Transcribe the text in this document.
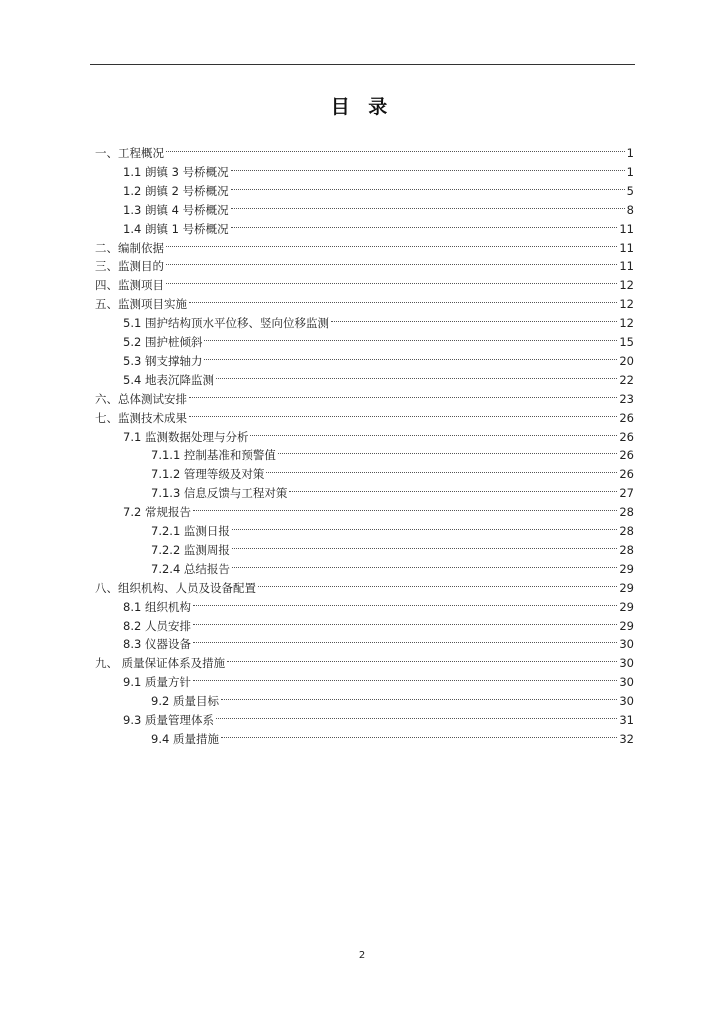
目 录
一、工程概况	1
1.1 朗镇 3 号桥概况	1
1.2 朗镇 2 号桥概况	5
1.3 朗镇 4 号桥概况	8
1.4 朗镇 1 号桥概况	11
二、编制依据	11
三、监测目的	11
四、监测项目	12
五、监测项目实施	12
5.1 围护结构顶水平位移、竖向位移监测	12
5.2 围护桩倾斜	15
5.3 钢支撑轴力	20
5.4 地表沉降监测	22
六、总体测试安排	23
七、监测技术成果	26
7.1 监测数据处理与分析	26
7.1.1 控制基准和预警值	26
7.1.2 管理等级及对策	26
7.1.3 信息反馈与工程对策	27
7.2 常规报告	28
7.2.1 监测日报	28
7.2.2 监测周报	28
7.2.4 总结报告	29
八、组织机构、人员及设备配置	29
8.1 组织机构	29
8.2 人员安排	29
8.3 仪器设备	30
九、 质量保证体系及措施	30
9.1 质量方针	30
9.2 质量目标	30
9.3 质量管理体系	31
9.4 质量措施	32
2
